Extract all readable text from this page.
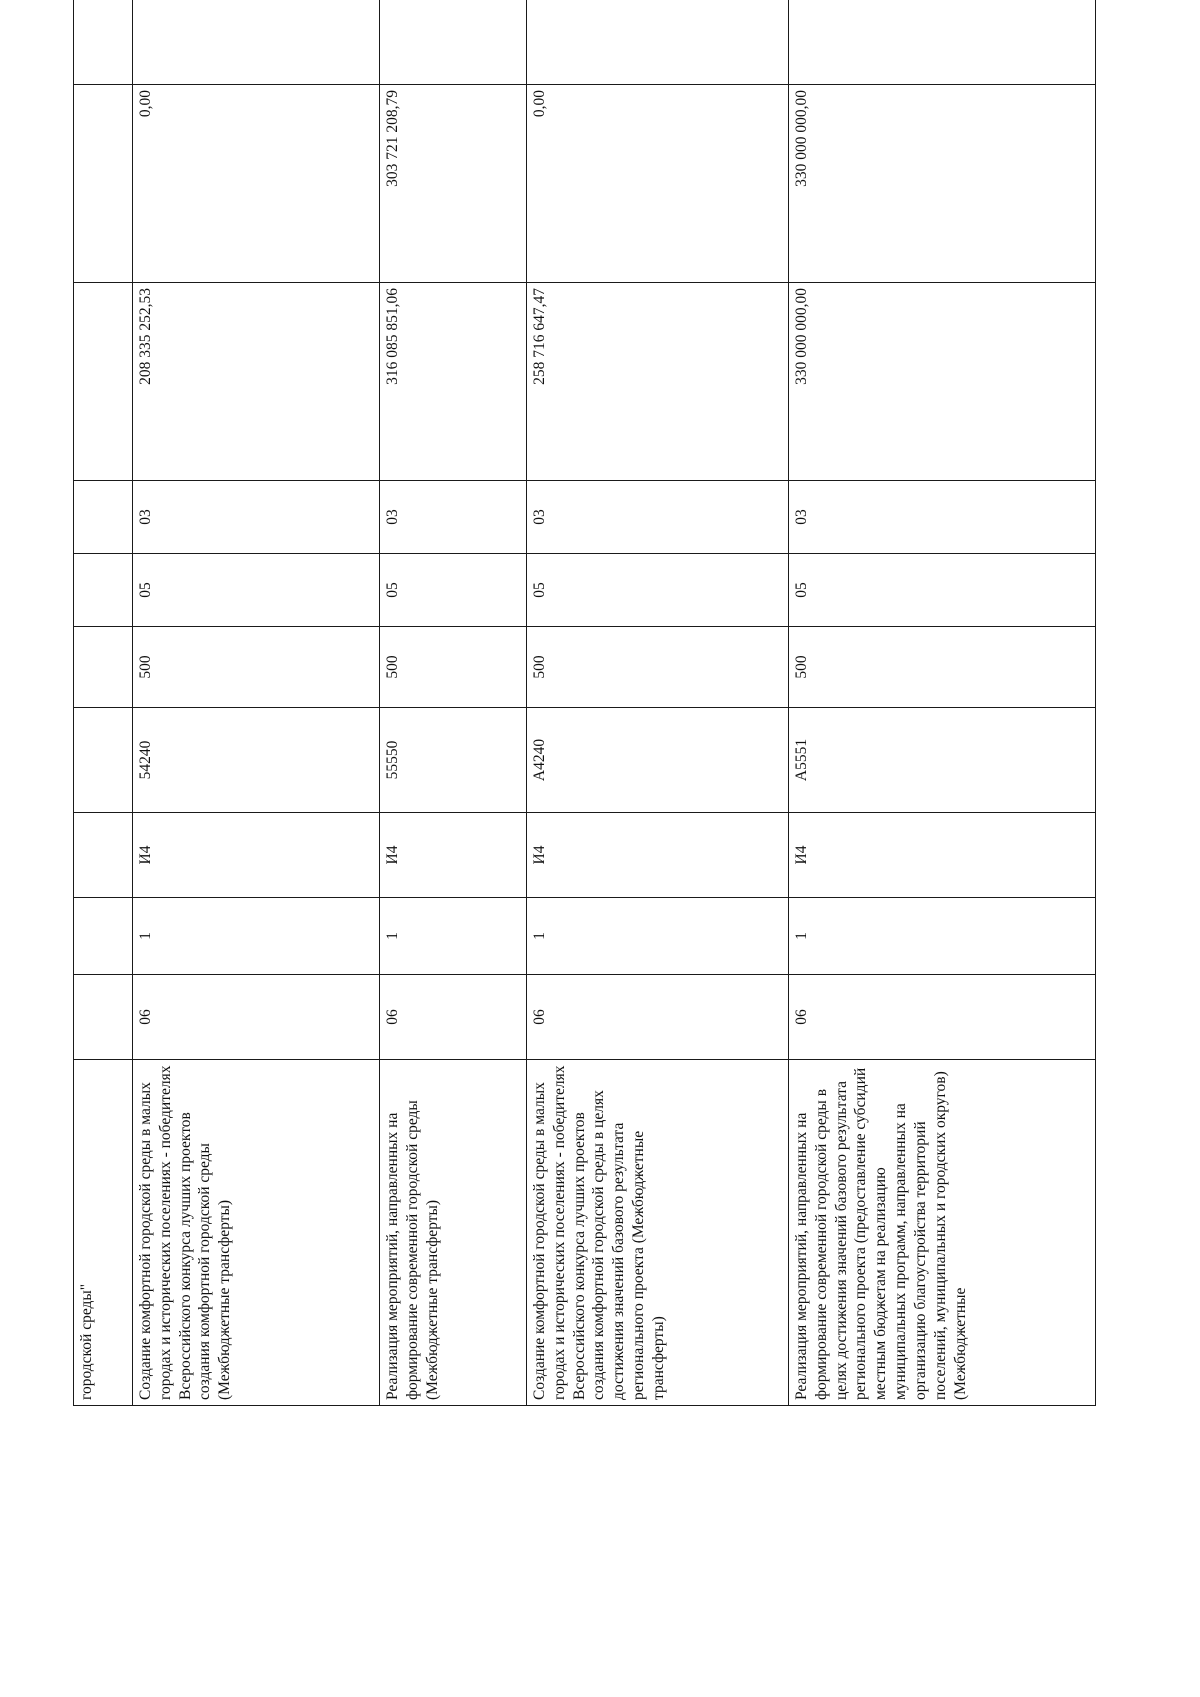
городской среды"										
Создание комфортной городской среды в малых городах и исторических поселениях - победителях Всероссийского конкурса лучших проектов создания комфортной городской среды (Межбюджетные трансферты)	06	1	И4	54240	500	05	03	208 335 252,53	0,00	
Реализация мероприятий, направленных на формирование современной городской среды (Межбюджетные трансферты)	06	1	И4	55550	500	05	03	316 085 851,06	303 721 208,79	
Создание комфортной городской среды в малых городах и исторических поселениях - победителях Всероссийского конкурса лучших проектов создания комфортной городской среды в целях достижения значений базового результата регионального проекта (Межбюджетные трансферты)	06	1	И4	А4240	500	05	03	258 716 647,47	0,00	
Реализация мероприятий, направленных на формирование современной городской среды в целях достижения значений базового результата регионального проекта (предоставление субсидий местным бюджетам на реализацию муниципальных программ, направленных на организацию благоустройства территорий поселений, муниципальных и городских округов) (Межбюджетные	06	1	И4	А5551	500	05	03	330 000 000,00	330 000 000,00	
